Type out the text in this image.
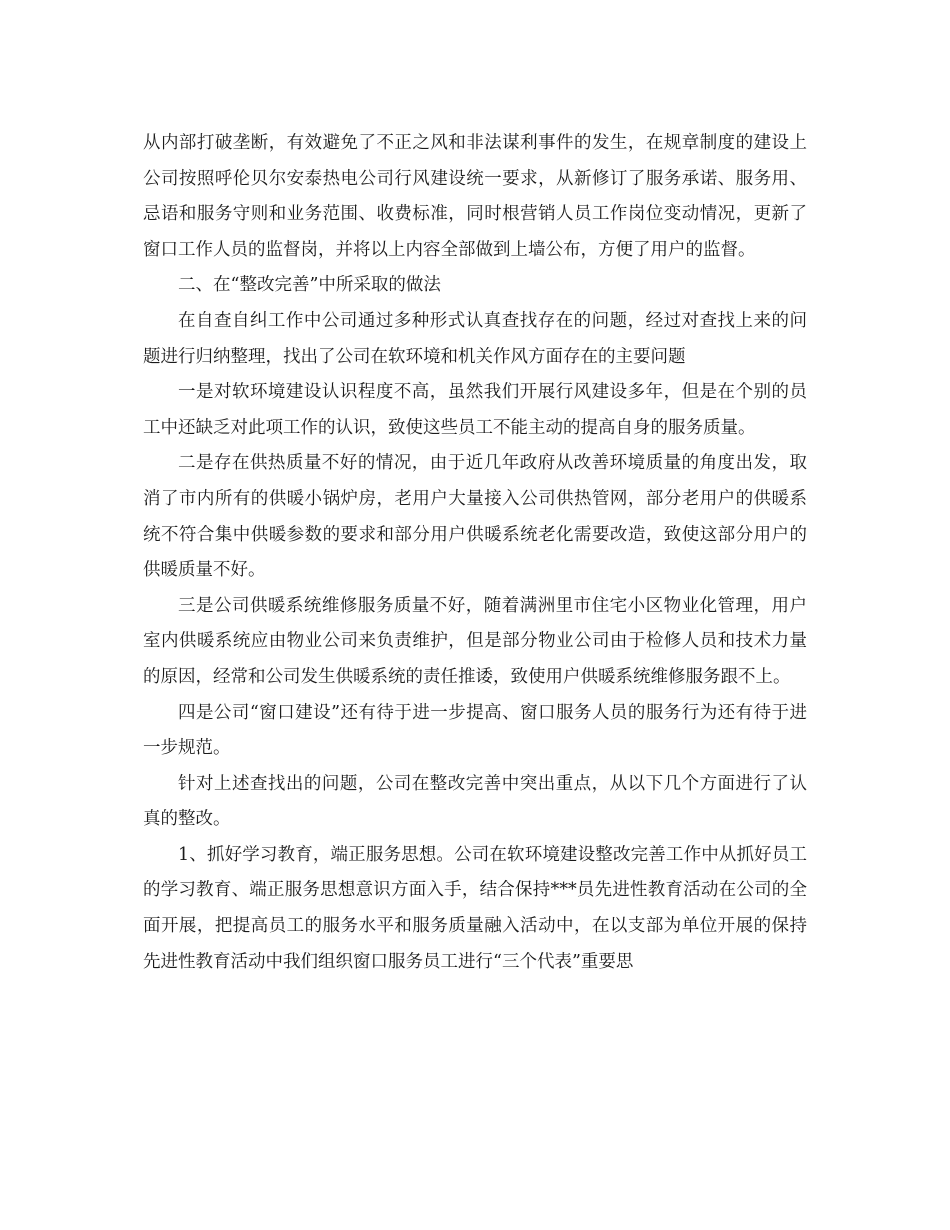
从内部打破垄断，有效避免了不正之风和非法谋利事件的发生，在规章制度的建设上公司按照呼伦贝尔安泰热电公司行风建设统一要求，从新修订了服务承诺、服务用、忌语和服务守则和业务范围、收费标准，同时根营销人员工作岗位变动情况，更新了窗口工作人员的监督岗，并将以上内容全部做到上墙公布，方便了用户的监督。

二、在“整改完善”中所采取的做法

在自查自纠工作中公司通过多种形式认真查找存在的问题，经过对查找上来的问题进行归纳整理，找出了公司在软环境和机关作风方面存在的主要问题

一是对软环境建设认识程度不高，虽然我们开展行风建设多年，但是在个别的员工中还缺乏对此项工作的认识，致使这些员工不能主动的提高自身的服务质量。

二是存在供热质量不好的情况，由于近几年政府从改善环境质量的角度出发，取消了市内所有的供暖小锅炉房，老用户大量接入公司供热管网，部分老用户的供暖系统不符合集中供暖参数的要求和部分用户供暖系统老化需要改造，致使这部分用户的供暖质量不好。

三是公司供暖系统维修服务质量不好，随着满洲里市住宅小区物业化管理，用户室内供暖系统应由物业公司来负责维护，但是部分物业公司由于检修人员和技术力量的原因，经常和公司发生供暖系统的责任推诿，致使用户供暖系统维修服务跟不上。

四是公司“窗口建设”还有待于进一步提高、窗口服务人员的服务行为还有待于进一步规范。

针对上述查找出的问题，公司在整改完善中突出重点，从以下几个方面进行了认真的整改。

1、抓好学习教育，端正服务思想。公司在软环境建设整改完善工作中从抓好员工的学习教育、端正服务思想意识方面入手，结合保持***员先进性教育活动在公司的全面开展，把提高员工的服务水平和服务质量融入活动中，在以支部为单位开展的保持先进性教育活动中我们组织窗口服务员工进行“三个代表”重要思
